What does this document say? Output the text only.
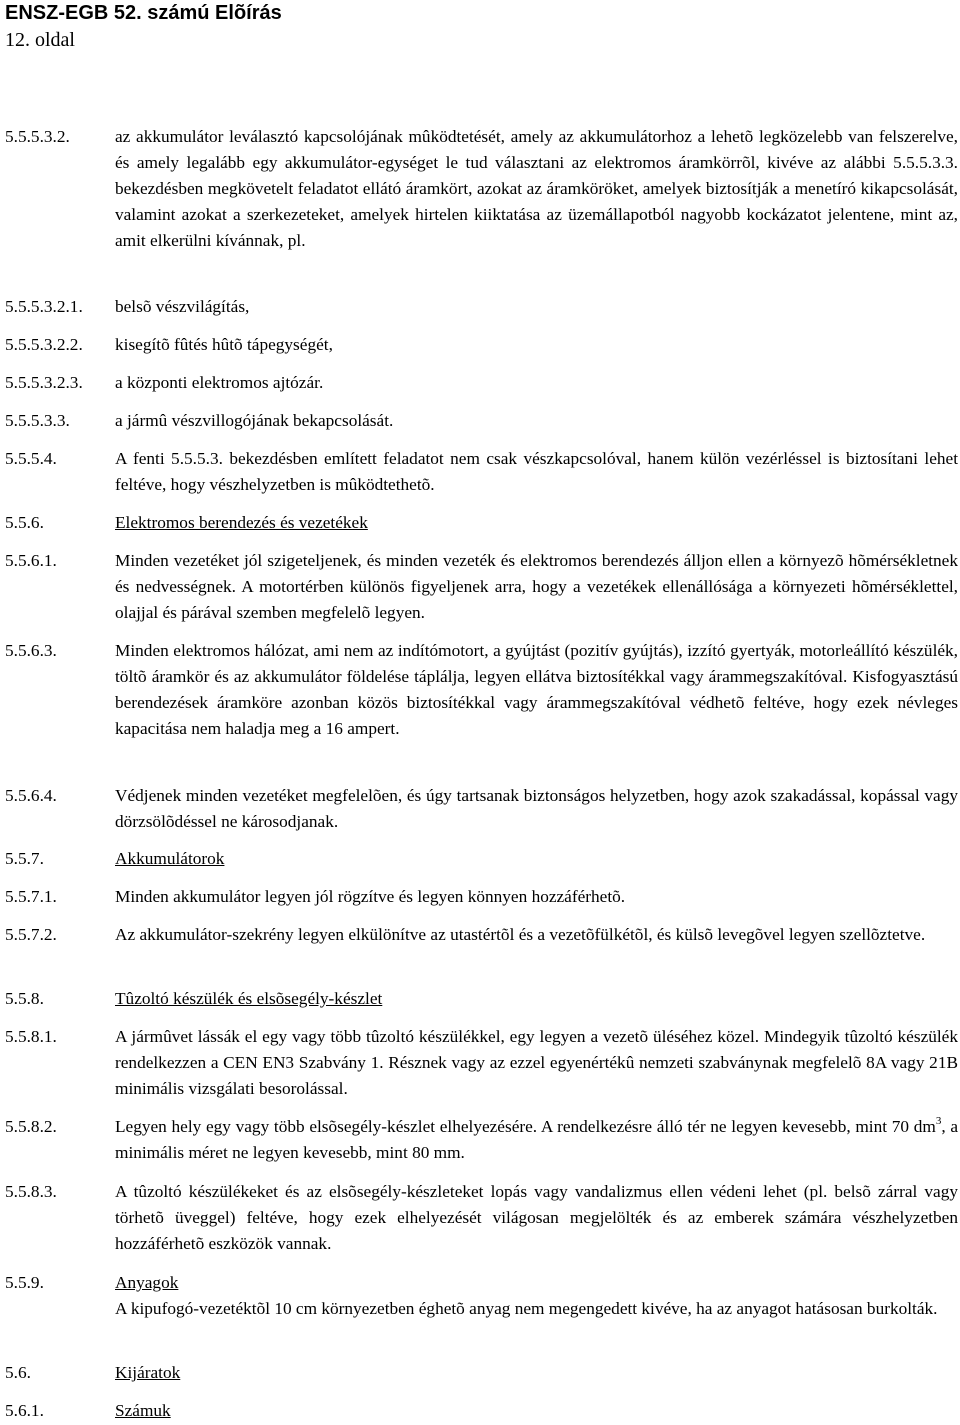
ENSZ-EGB 52. számú Elõírás
12. oldal
5.5.5.3.2.	az akkumulátor leválasztó kapcsolójának mûködtetését, amely az akkumulátorhoz a lehetõ legközelebb van felszerelve, és amely legalább egy akkumulátor-egységet le tud választani az elektromos áramkörrõl, kivéve az alábbi 5.5.5.3.3. bekezdésben megkövetelt feladatot ellátó áramkört, azokat az áramköröket, amelyek biztosítják a menetíró kikapcsolását, valamint azokat a szerkezeteket, amelyek hirtelen kiiktatása az üzemállapotból nagyobb kockázatot jelentene, mint az, amit elkerülni kívánnak, pl.
5.5.5.3.2.1.	belsõ vészvilágítás,
5.5.5.3.2.2.	kisegítõ fûtés hûtõ tápegységét,
5.5.5.3.2.3.	a központi elektromos ajtózár.
5.5.5.3.3.	a jármû vészvillogójának bekapcsolását.
5.5.5.4.	A fenti 5.5.5.3. bekezdésben említett feladatot nem csak vészkapcsolóval, hanem külön vezérléssel is biztosítani lehet feltéve, hogy vészhelyzetben is mûködtethetõ.
5.5.6.	Elektromos berendezés és vezetékek
5.5.6.1.	Minden vezetéket jól szigeteljenek, és minden vezeték és elektromos berendezés álljon ellen a környezõ hõmérsékletnek és nedvességnek. A motortérben különös figyeljenek arra, hogy a vezetékek ellenállósága a környezeti hõmérséklettel, olajjal és párával szemben megfelelõ legyen.
5.5.6.3.	Minden elektromos hálózat, ami nem az indítómotort, a gyújtást (pozitív gyújtás), izzító gyertyák, motorleállító készülék, töltõ áramkör és az akkumulátor földelése táplálja, legyen ellátva biztosítékkal vagy árammegszakítóval. Kisfogyasztású berendezések áramköre azonban közös biztosítékkal vagy árammegszakítóval védhetõ feltéve, hogy ezek névleges kapacitása nem haladja meg a 16 ampert.
5.5.6.4.	Védjenek minden vezetéket megfelelõen, és úgy tartsanak biztonságos helyzetben, hogy azok szakadással, kopással vagy dörzsölõdéssel ne károsodjanak.
5.5.7.	Akkumulátorok
5.5.7.1.	Minden akkumulátor legyen jól rögzítve és legyen könnyen hozzáférhetõ.
5.5.7.2.	Az akkumulátor-szekrény legyen elkülönítve az utastértõl és a vezetõfülkétõl, és külsõ levegõvel legyen szellõztetve.
5.5.8.	Tûzoltó készülék és elsõsegély-készlet
5.5.8.1.	A jármûvet lássák el egy vagy több tûzoltó készülékkel, egy legyen a vezetõ üléséhez közel. Mindegyik tûzoltó készülék rendelkezzen a CEN EN3 Szabvány 1. Résznek vagy az ezzel egyenértékû nemzeti szabványnak megfelelõ 8A vagy 21B minimális vizsgálati besorolással.
5.5.8.2.	Legyen hely egy vagy több elsõsegély-készlet elhelyezésére. A rendelkezésre álló tér ne legyen kevesebb, mint 70 $dm^3$, a minimális méret ne legyen kevesebb, mint 80 mm.
5.5.8.3.	A tûzoltó készülékeket és az elsõsegély-készleteket lopás vagy vandalizmus ellen védeni lehet (pl. belsõ zárral vagy törhetõ üveggel) feltéve, hogy ezek elhelyezését világosan megjelölték és az emberek számára vészhelyzetben hozzáférhetõ eszközök vannak.
5.5.9.	Anyagok
A kipufogó-vezetéktõl 10 cm környezetben éghetõ anyag nem megengedett kivéve, ha az anyagot hatásosan burkolták.
5.6.	Kijáratok
5.6.1.	Számuk
